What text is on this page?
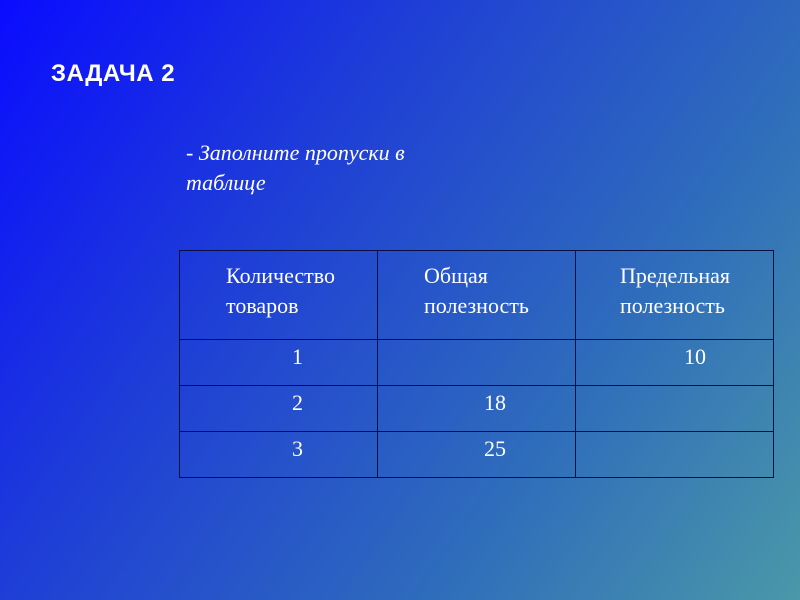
ЗАДАЧА 2
- Заполните пропуски в таблице
Количество товаров	Общая полезность	Предельная полезность

1		10

2	18	

3	25	
